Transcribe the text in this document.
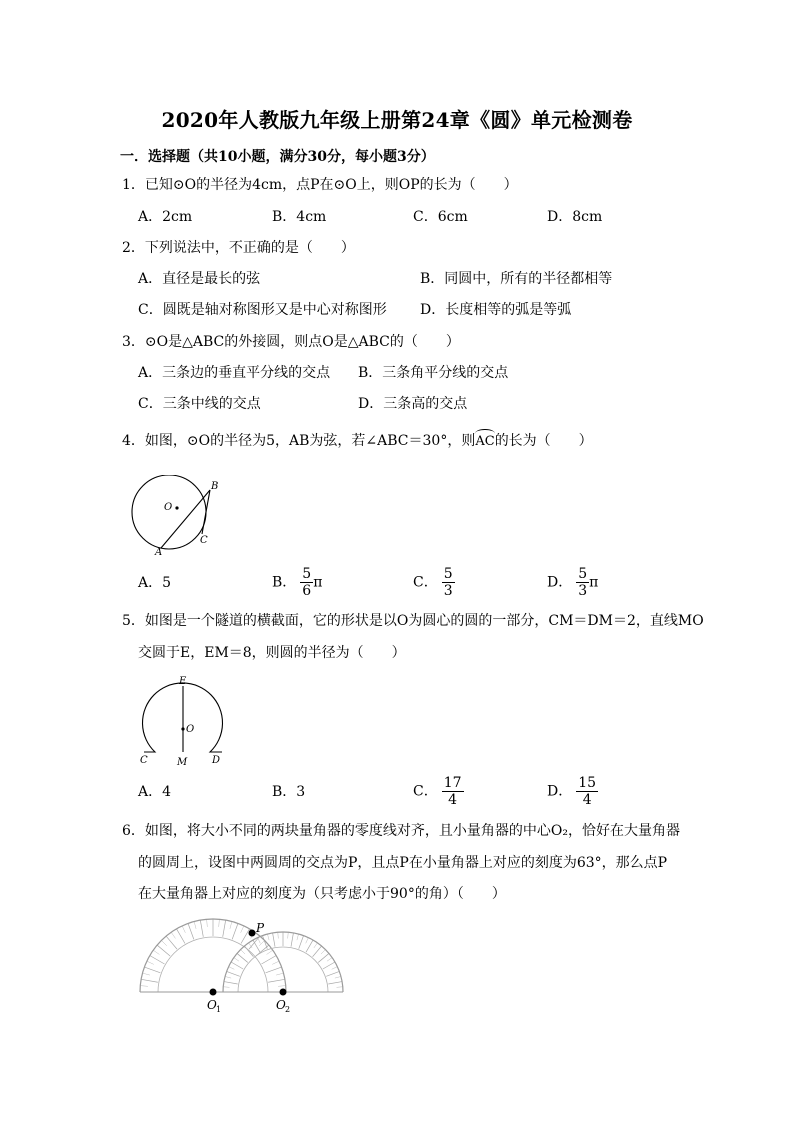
2020年人教版九年级上册第24章《圆》单元检测卷
一．选择题（共10小题，满分30分，每小题3分）
1．已知⊙O的半径为4cm，点P在⊙O上，则OP的长为（　　）
A．2cm	B．4cm	C．6cm	D．8cm
2．下列说法中，不正确的是（　　）
A．直径是最长的弦	B．同圆中，所有的半径都相等
C．圆既是轴对称图形又是中心对称图形 D．长度相等的弧是等弧
3．⊙O是△ABC的外接圆，则点O是△ABC的（　　）
A．三条边的垂直平分线的交点 B．三条角平分线的交点
C．三条中线的交点	D．三条高的交点
4．如图，⊙O的半径为5，AB为弦，若∠ABC＝30°，则AC的长为（　　）
O
B
C
A
A．5	B． $\frac{5}{6}$ π	C． $\frac{5}{3}$	D． $\frac{5}{3}$ π
5．如图是一个隧道的横截面，它的形状是以O为圆心的圆的一部分，CM＝DM＝2，直线MO
交圆于E，EM＝8，则圆的半径为（　　）
E
O
C	M D
A．4	B．3	C． $\frac{17}{4}$	D． $\frac{15}{4}$
6．如图，将大小不同的两块量角器的零度线对齐，且小量角器的中心O₂，恰好在大量角器
的圆周上，设图中两圆周的交点为P，且点P在小量角器上对应的刻度为63°，那么点P
在大量角器上对应的刻度为（只考虑小于90°的角）（　　）
P
O 1	O 2
